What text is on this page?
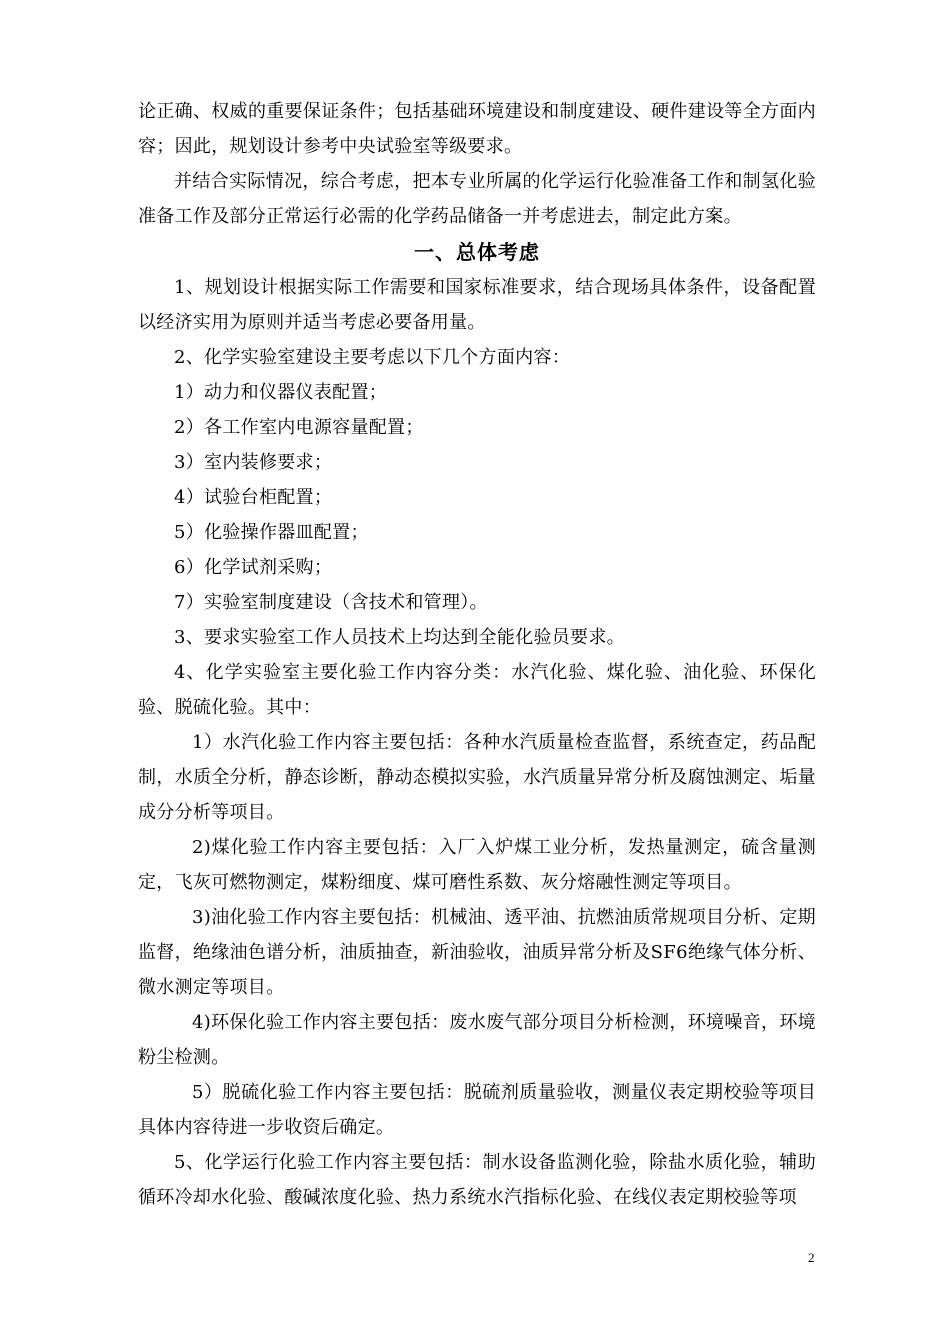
论正确、权威的重要保证条件；包括基础环境建设和制度建设、硬件建设等全方面内容；因此，规划设计参考中央试验室等级要求。

并结合实际情况，综合考虑，把本专业所属的化学运行化验准备工作和制氢化验准备工作及部分正常运行必需的化学药品储备一并考虑进去，制定此方案。

一、总体考虑

1、规划设计根据实际工作需要和国家标准要求，结合现场具体条件，设备配置以经济实用为原则并适当考虑必要备用量。

2、化学实验室建设主要考虑以下几个方面内容：

1）动力和仪器仪表配置；

2）各工作室内电源容量配置；

3）室内装修要求；

4）试验台柜配置；

5）化验操作器皿配置；

6）化学试剂采购；

7）实验室制度建设（含技术和管理）。

3、要求实验室工作人员技术上均达到全能化验员要求。

4、化学实验室主要化验工作内容分类：水汽化验、煤化验、油化验、环保化验、脱硫化验。其中：

1）水汽化验工作内容主要包括：各种水汽质量检查监督，系统查定，药品配制，水质全分析，静态诊断，静动态模拟实验，水汽质量异常分析及腐蚀测定、垢量成分分析等项目。

2)煤化验工作内容主要包括：入厂入炉煤工业分析，发热量测定，硫含量测定，飞灰可燃物测定，煤粉细度、煤可磨性系数、灰分熔融性测定等项目。

3)油化验工作内容主要包括：机械油、透平油、抗燃油质常规项目分析、定期监督，绝缘油色谱分析，油质抽查，新油验收，油质异常分析及SF6绝缘气体分析、微水测定等项目。

4)环保化验工作内容主要包括：废水废气部分项目分析检测，环境噪音，环境粉尘检测。

5）脱硫化验工作内容主要包括：脱硫剂质量验收，测量仪表定期校验等项目具体内容待进一步收资后确定。

5、化学运行化验工作内容主要包括：制水设备监测化验，除盐水质化验，辅助循环冷却水化验、酸碱浓度化验、热力系统水汽指标化验、在线仪表定期校验等项

2
